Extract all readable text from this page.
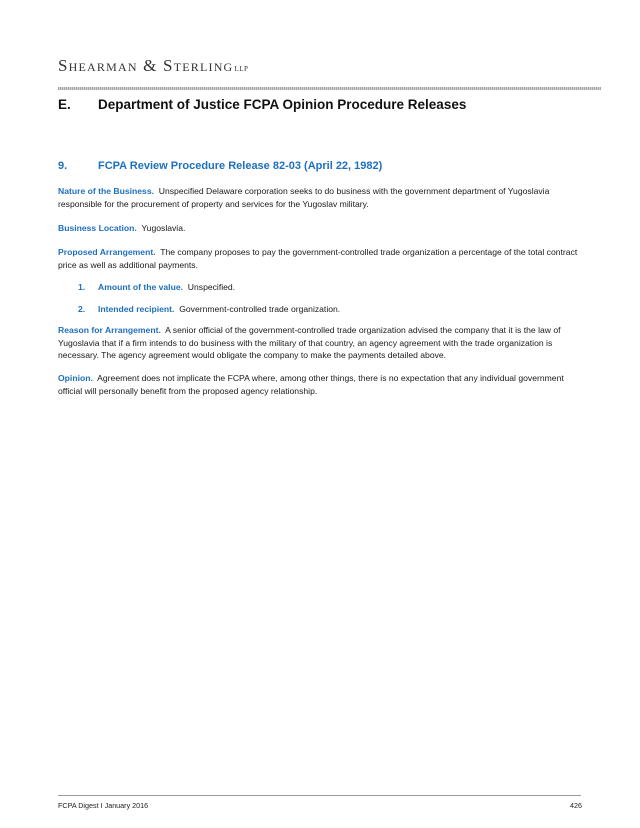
Shearman & SterlingLLP
E. Department of Justice FCPA Opinion Procedure Releases
9.	FCPA Review Procedure Release 82-03 (April 22, 1982)
Nature of the Business. Unspecified Delaware corporation seeks to do business with the government department of Yugoslavia responsible for the procurement of property and services for the Yugoslav military.
Business Location. Yugoslavia.
Proposed Arrangement. The company proposes to pay the government-controlled trade organization a percentage of the total contract price as well as additional payments.
1. Amount of the value. Unspecified.
2. Intended recipient. Government-controlled trade organization.
Reason for Arrangement. A senior official of the government-controlled trade organization advised the company that it is the law of Yugoslavia that if a firm intends to do business with the military of that country, an agency agreement with the trade organization is necessary. The agency agreement would obligate the company to make the payments detailed above.
Opinion. Agreement does not implicate the FCPA where, among other things, there is no expectation that any individual government official will personally benefit from the proposed agency relationship.
FCPA Digest I January 2016	426
